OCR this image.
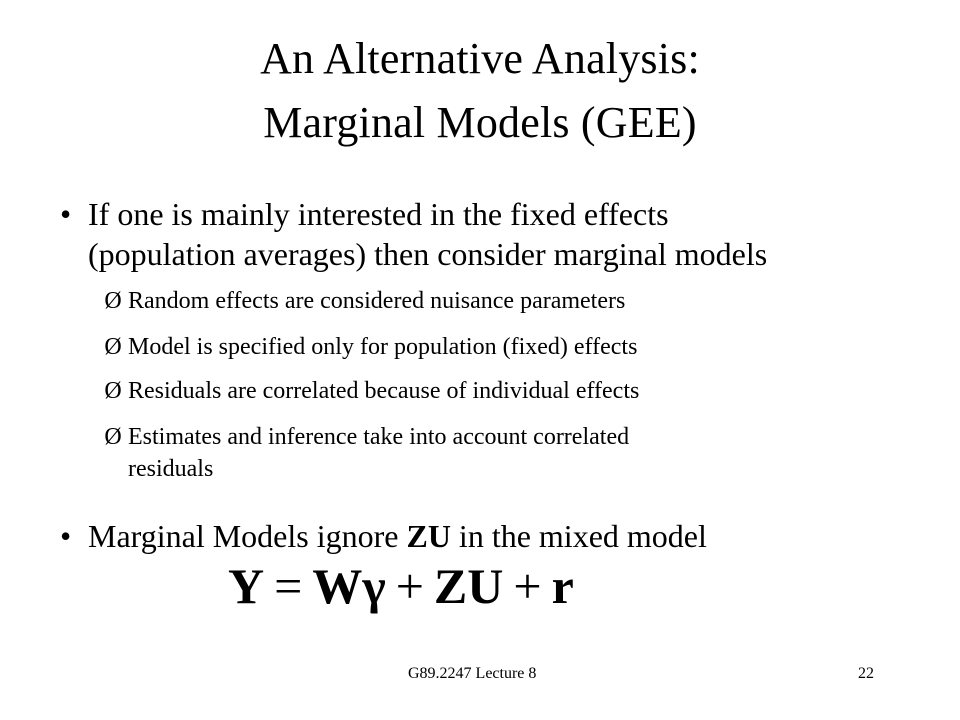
An Alternative Analysis:
Marginal Models (GEE)
• If one is mainly interested in the fixed effects
(population averages) then consider marginal models
Ø Random effects are considered nuisance parameters
Ø Model is specified only for population (fixed) effects
Ø Residuals are correlated because of individual effects
Ø Estimates and inference take into account correlated
residuals
• Marginal Models ignore ZU in the mixed model
Y = Wγ + ZU + r
G89.2247 Lecture 8	22
